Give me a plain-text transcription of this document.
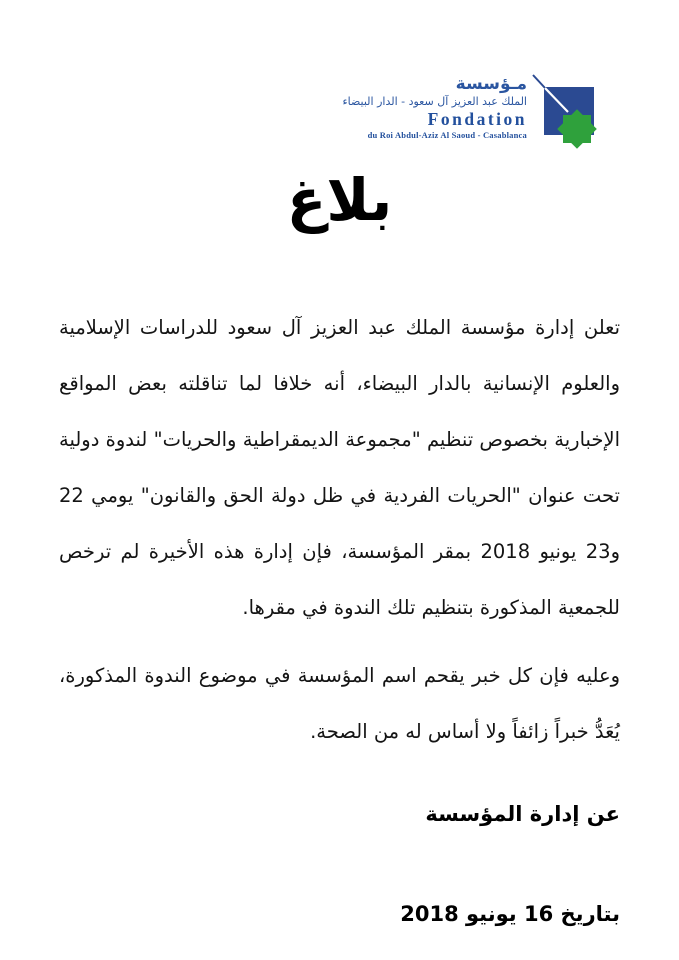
مـؤسسة
الملك عبد العزيز آل سعود - الدار البيضاء
Fondation
du Roi Abdul-Aziz Al Saoud - Casablanca
بلاغ

تعلن إدارة مؤسسة الملك عبد العزيز آل سعود للدراسات الإسلامية والعلوم الإنسانية بالدار البيضاء، أنه خلافا لما تناقلته بعض المواقع الإخبارية بخصوص تنظيم "مجموعة الديمقراطية والحريات" لندوة دولية تحت عنوان "الحريات الفردية في ظل دولة الحق والقانون" يومي 22 و23 يونيو 2018 بمقر المؤسسة، فإن إدارة هذه الأخيرة لم ترخص للجمعية المذكورة بتنظيم تلك الندوة في مقرها.

وعليه فإن كل خبر يقحم اسم المؤسسة في موضوع الندوة المذكورة، يُعَدُّ خبراً زائفاً ولا أساس له من الصحة.

عن إدارة المؤسسة
بتاريخ 16 يونيو 2018
